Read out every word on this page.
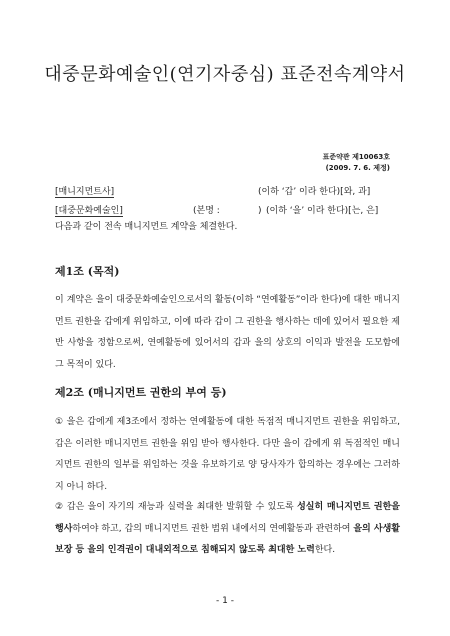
대중문화예술인(연기자중심) 표준전속계약서
표준약관 제10063호
(2009. 7. 6. 제정)
[매니지먼트사]	(이하 ‘갑’ 이라 한다)[와, 과]
[대중문화예술인]	(본명 :	) (이하 ‘을’ 이라 한다)[는, 은]
다음과 같이 전속 매니지먼트 계약을 체결한다.
제1조 (목적)
이 계약은 을이 대중문화예술인으로서의 활동(이하 “연예활동”이라 한다)에 대한 매니지먼트 권한을 갑에게 위임하고, 이에 따라 갑이 그 권한을 행사하는 데에 있어서 필요한 제반 사항을 정함으로써, 연예활동에 있어서의 갑과 을의 상호의 이익과 발전을 도모함에 그 목적이 있다.
제2조 (매니지먼트 권한의 부여 등)
① 을은 갑에게 제3조에서 정하는 연예활동에 대한 독점적 매니지먼트 권한을 위임하고, 갑은 이러한 매니지먼트 권한을 위임 받아 행사한다. 다만 을이 갑에게 위 독점적인 매니지먼트 권한의 일부를 위임하는 것을 유보하기로 양 당사자가 합의하는 경우에는 그러하지 아니 하다.
② 갑은 을이 자기의 재능과 실력을 최대한 발휘할 수 있도록 성실히 매니지먼트 권한을 행사하여야 하고, 갑의 매니지먼트 권한 범위 내에서의 연예활동과 관련하여 을의 사생활보장 등 을의 인격권이 대내외적으로 침해되지 않도록 최대한 노력한다.
- 1 -
